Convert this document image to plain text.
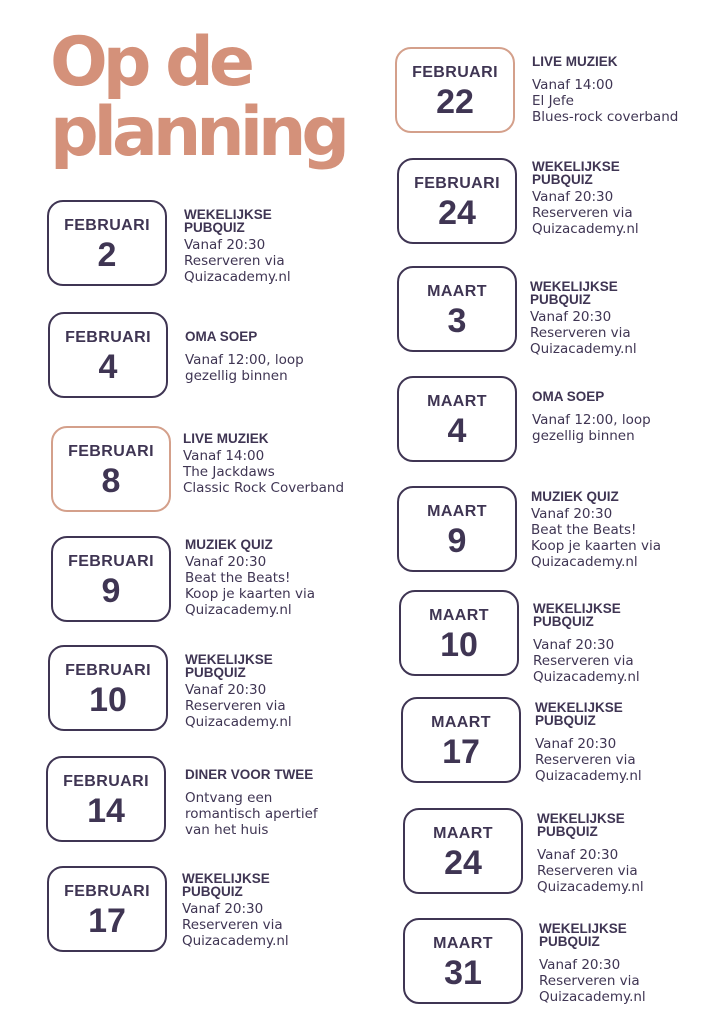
Op de
planning
FEBRUARI
2
WEKELIJKSE
PUBQUIZ
Vanaf 20:30
Reserveren via
Quizacademy.nl
FEBRUARI
4
OMA SOEP
Vanaf 12:00, loop
gezellig binnen
FEBRUARI
8
LIVE MUZIEK
Vanaf 14:00
The Jackdaws
Classic Rock Coverband
FEBRUARI
9
MUZIEK QUIZ
Vanaf 20:30
Beat the Beats!
Koop je kaarten via
Quizacademy.nl
FEBRUARI
10
WEKELIJKSE
PUBQUIZ
Vanaf 20:30
Reserveren via
Quizacademy.nl
FEBRUARI
14
DINER VOOR TWEE
Ontvang een
romantisch apertief
van het huis
FEBRUARI
17
WEKELIJKSE
PUBQUIZ
Vanaf 20:30
Reserveren via
Quizacademy.nl
FEBRUARI
22
LIVE MUZIEK
Vanaf 14:00
El Jefe
Blues-rock coverband
FEBRUARI
24
WEKELIJKSE
PUBQUIZ
Vanaf 20:30
Reserveren via
Quizacademy.nl
MAART
3
WEKELIJKSE
PUBQUIZ
Vanaf 20:30
Reserveren via
Quizacademy.nl
MAART
4
OMA SOEP
Vanaf 12:00, loop
gezellig binnen
MAART
9
MUZIEK QUIZ
Vanaf 20:30
Beat the Beats!
Koop je kaarten via
Quizacademy.nl
MAART
10
WEKELIJKSE
PUBQUIZ
Vanaf 20:30
Reserveren via
Quizacademy.nl
MAART
17
WEKELIJKSE
PUBQUIZ
Vanaf 20:30
Reserveren via
Quizacademy.nl
MAART
24
WEKELIJKSE
PUBQUIZ
Vanaf 20:30
Reserveren via
Quizacademy.nl
MAART
31
WEKELIJKSE
PUBQUIZ
Vanaf 20:30
Reserveren via
Quizacademy.nl
